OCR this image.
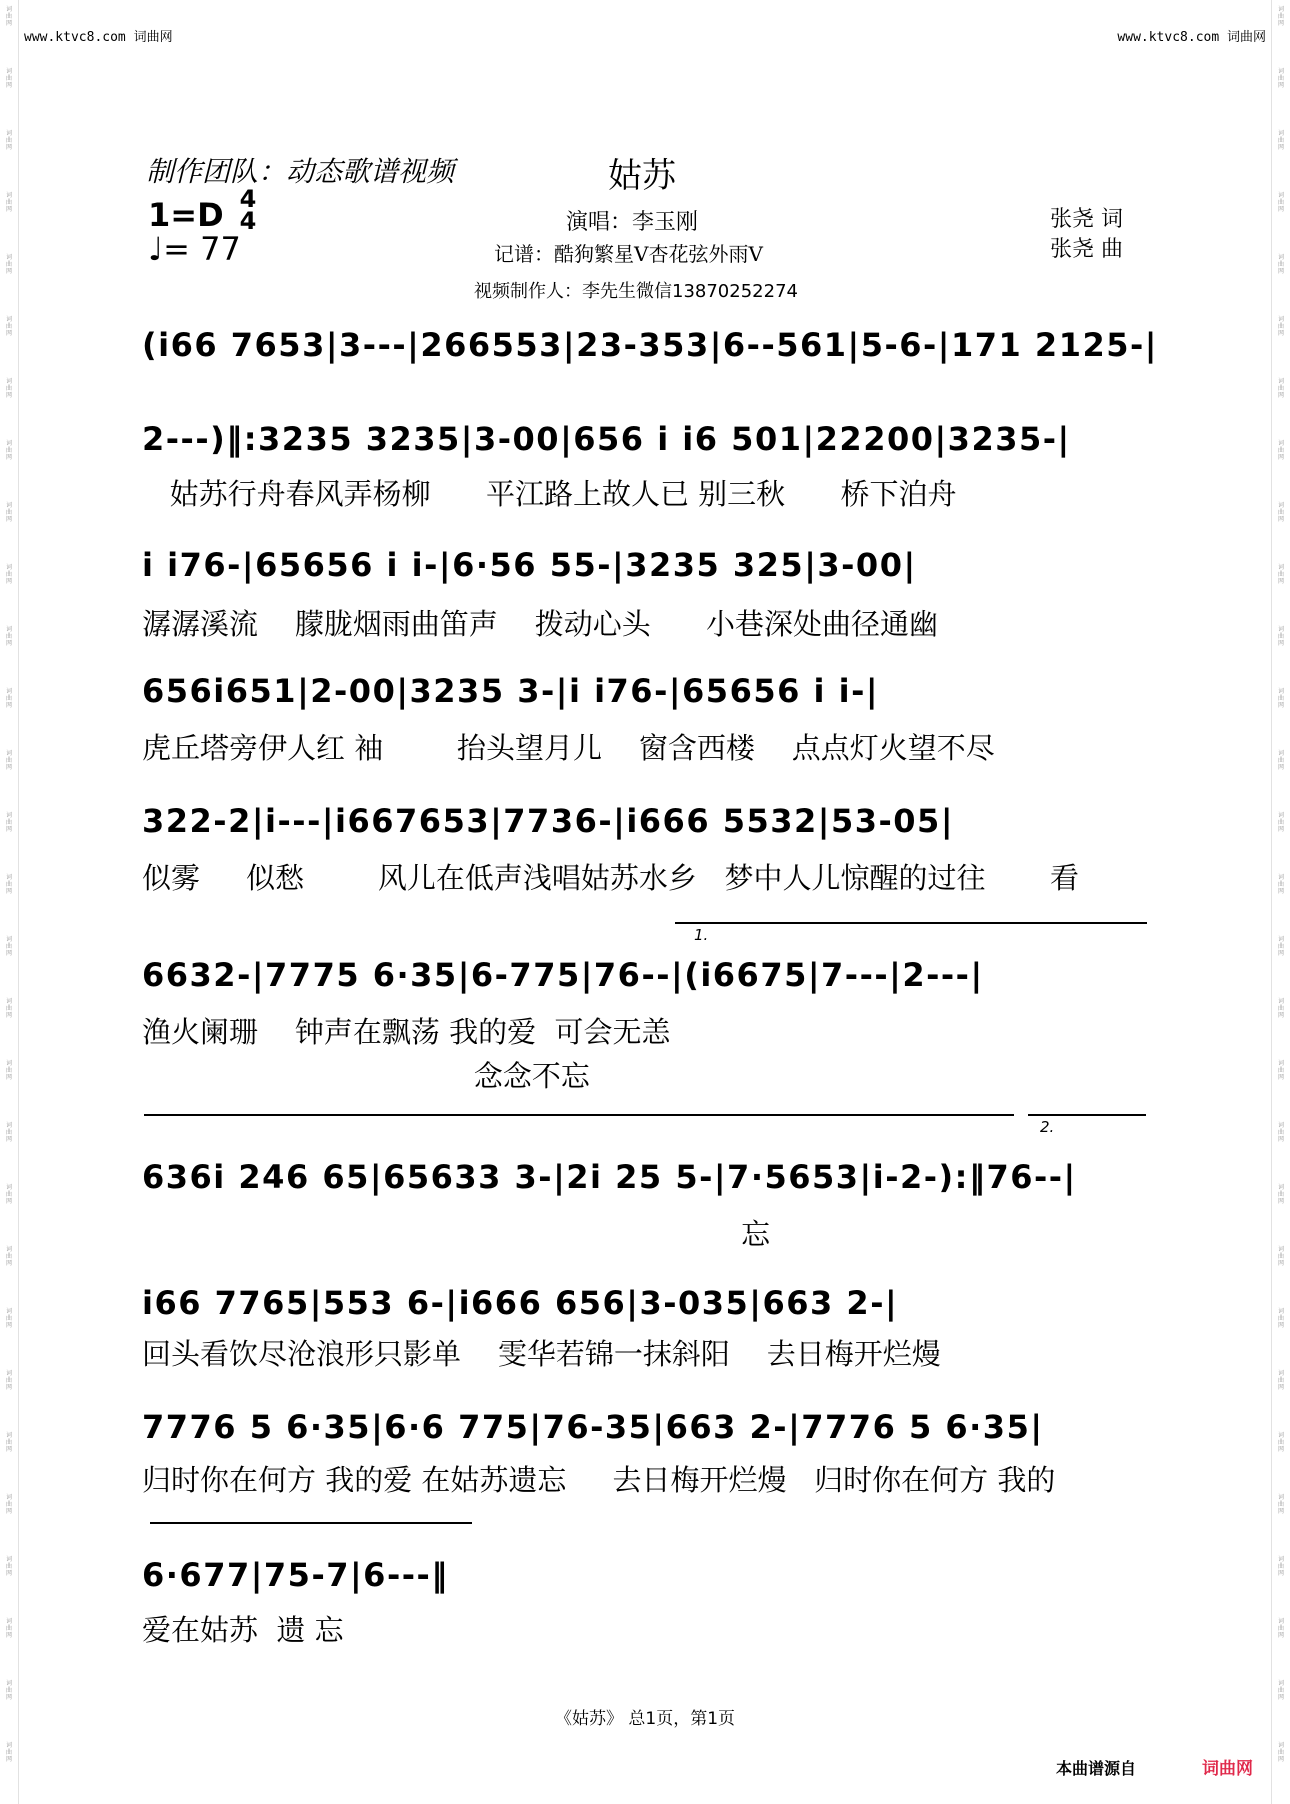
词
曲
网
词
曲
网
词
曲
网
词
曲
网
词
曲
网
词
曲
网
词
曲
网
词
曲
网
词
曲
网
词
曲
网
词
曲
网
词
曲
网
词
曲
网
词
曲
网
词
曲
网
词
曲
网
词
曲
网
词
曲
网
词
曲
网
词
曲
网
词
曲
网
词
曲
网
词
曲
网
词
曲
网
词
曲
网
词
曲
网
词
曲
网
词
曲
网
词
曲
网
词
曲
网
词
曲
网
词
曲
网
词
曲
网
词
曲
网
词
曲
网
词
曲
网
词
曲
网
词
曲
网
词
曲
网
词
曲
网
词
曲
网
词
曲
网
词
曲
网
词
曲
网
词
曲
网
词
曲
网
词
曲
网
词
曲
网
词
曲
网
词
曲
网
词
曲
网
词
曲
网
词
曲
网
词
曲
网
词
曲
网
词
曲
网
词
曲
网
词
曲
网
www.ktvc8.com 词曲网	www.ktvc8.com 词曲网
制作团队：动态歌谱视频	姑苏
1=D 4
4
♩= 77
演唱：李玉刚
记谱：酷狗繁星V杏花弦外雨V
视频制作人：李先生微信13870252274
张尧 词
张尧 曲
(i66 7653|3---|266553|23-353|6--561|5-6-|171 2125-|
2---)‖:3235 3235|3-00|656 i i6 501|22200|3235-|
姑苏行舟春风弄杨柳      平江路上故人已 别三秋      桥下泊舟
i i76-|65656 i i-|6·56 55-|3235 325|3-00|
潺潺溪流    朦胧烟雨曲笛声    拨动心头      小巷深处曲径通幽
656i651|2-00|3235 3-|i i76-|65656 i i-|
虎丘塔旁伊人红 袖        抬头望月儿    窗含西楼    点点灯火望不尽
322-2|i---|i667653|7736-|i666 5532|53-05|
似雾     似愁        风儿在低声浅唱姑苏水乡   梦中人儿惊醒的过往       看
1.
6632-|7775 6·35|6-775|76--|(i6675|7---|2---|
渔火阑珊    钟声在飘荡 我的爱  可会无恙
念念不忘
2.
636i 246 65|65633 3-|2i 25 5-|7·5653|i-2-):‖76--|
忘
i66 7765|553 6-|i666 656|3-035|663 2-|
回头看饮尽沧浪形只影单    雯华若锦一抹斜阳    去日梅开烂熳
7776 5 6·35|6·6 775|76-35|663 2-|7776 5 6·35|
归时你在何方 我的爱 在姑苏遗忘     去日梅开烂熳   归时你在何方 我的
6·677|75-7|6---‖
爱在姑苏  遗 忘
《姑苏》 总1页，第1页
本曲谱源自	词曲网
